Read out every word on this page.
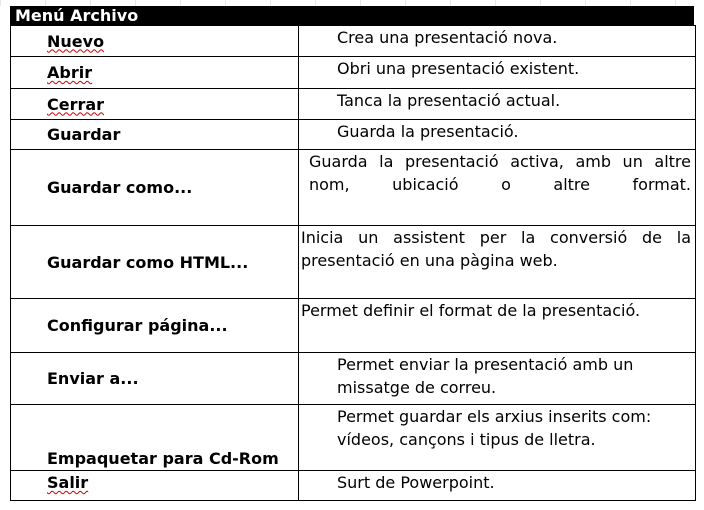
Menú Archivo
Nuevo	Crea una presentació nova.
Abrir	Obri una presentació existent.
Cerrar	Tanca la presentació actual.
Guardar	Guarda la presentació.
Guardar como...	Guarda la presentació activa, amb un altre nom, ubicació o altre format.
Guardar como HTML...	Inicia un assistent per la conversió de la presentació en una pàgina web.
Configurar página...	Permet definir el format de la presentació.
Enviar a...	Permet enviar la presentació amb un missatge de correu.
Empaquetar para Cd-Rom	Permet guardar els arxius inserits com: vídeos, cançons i tipus de lletra.
Salir	Surt de Powerpoint.
